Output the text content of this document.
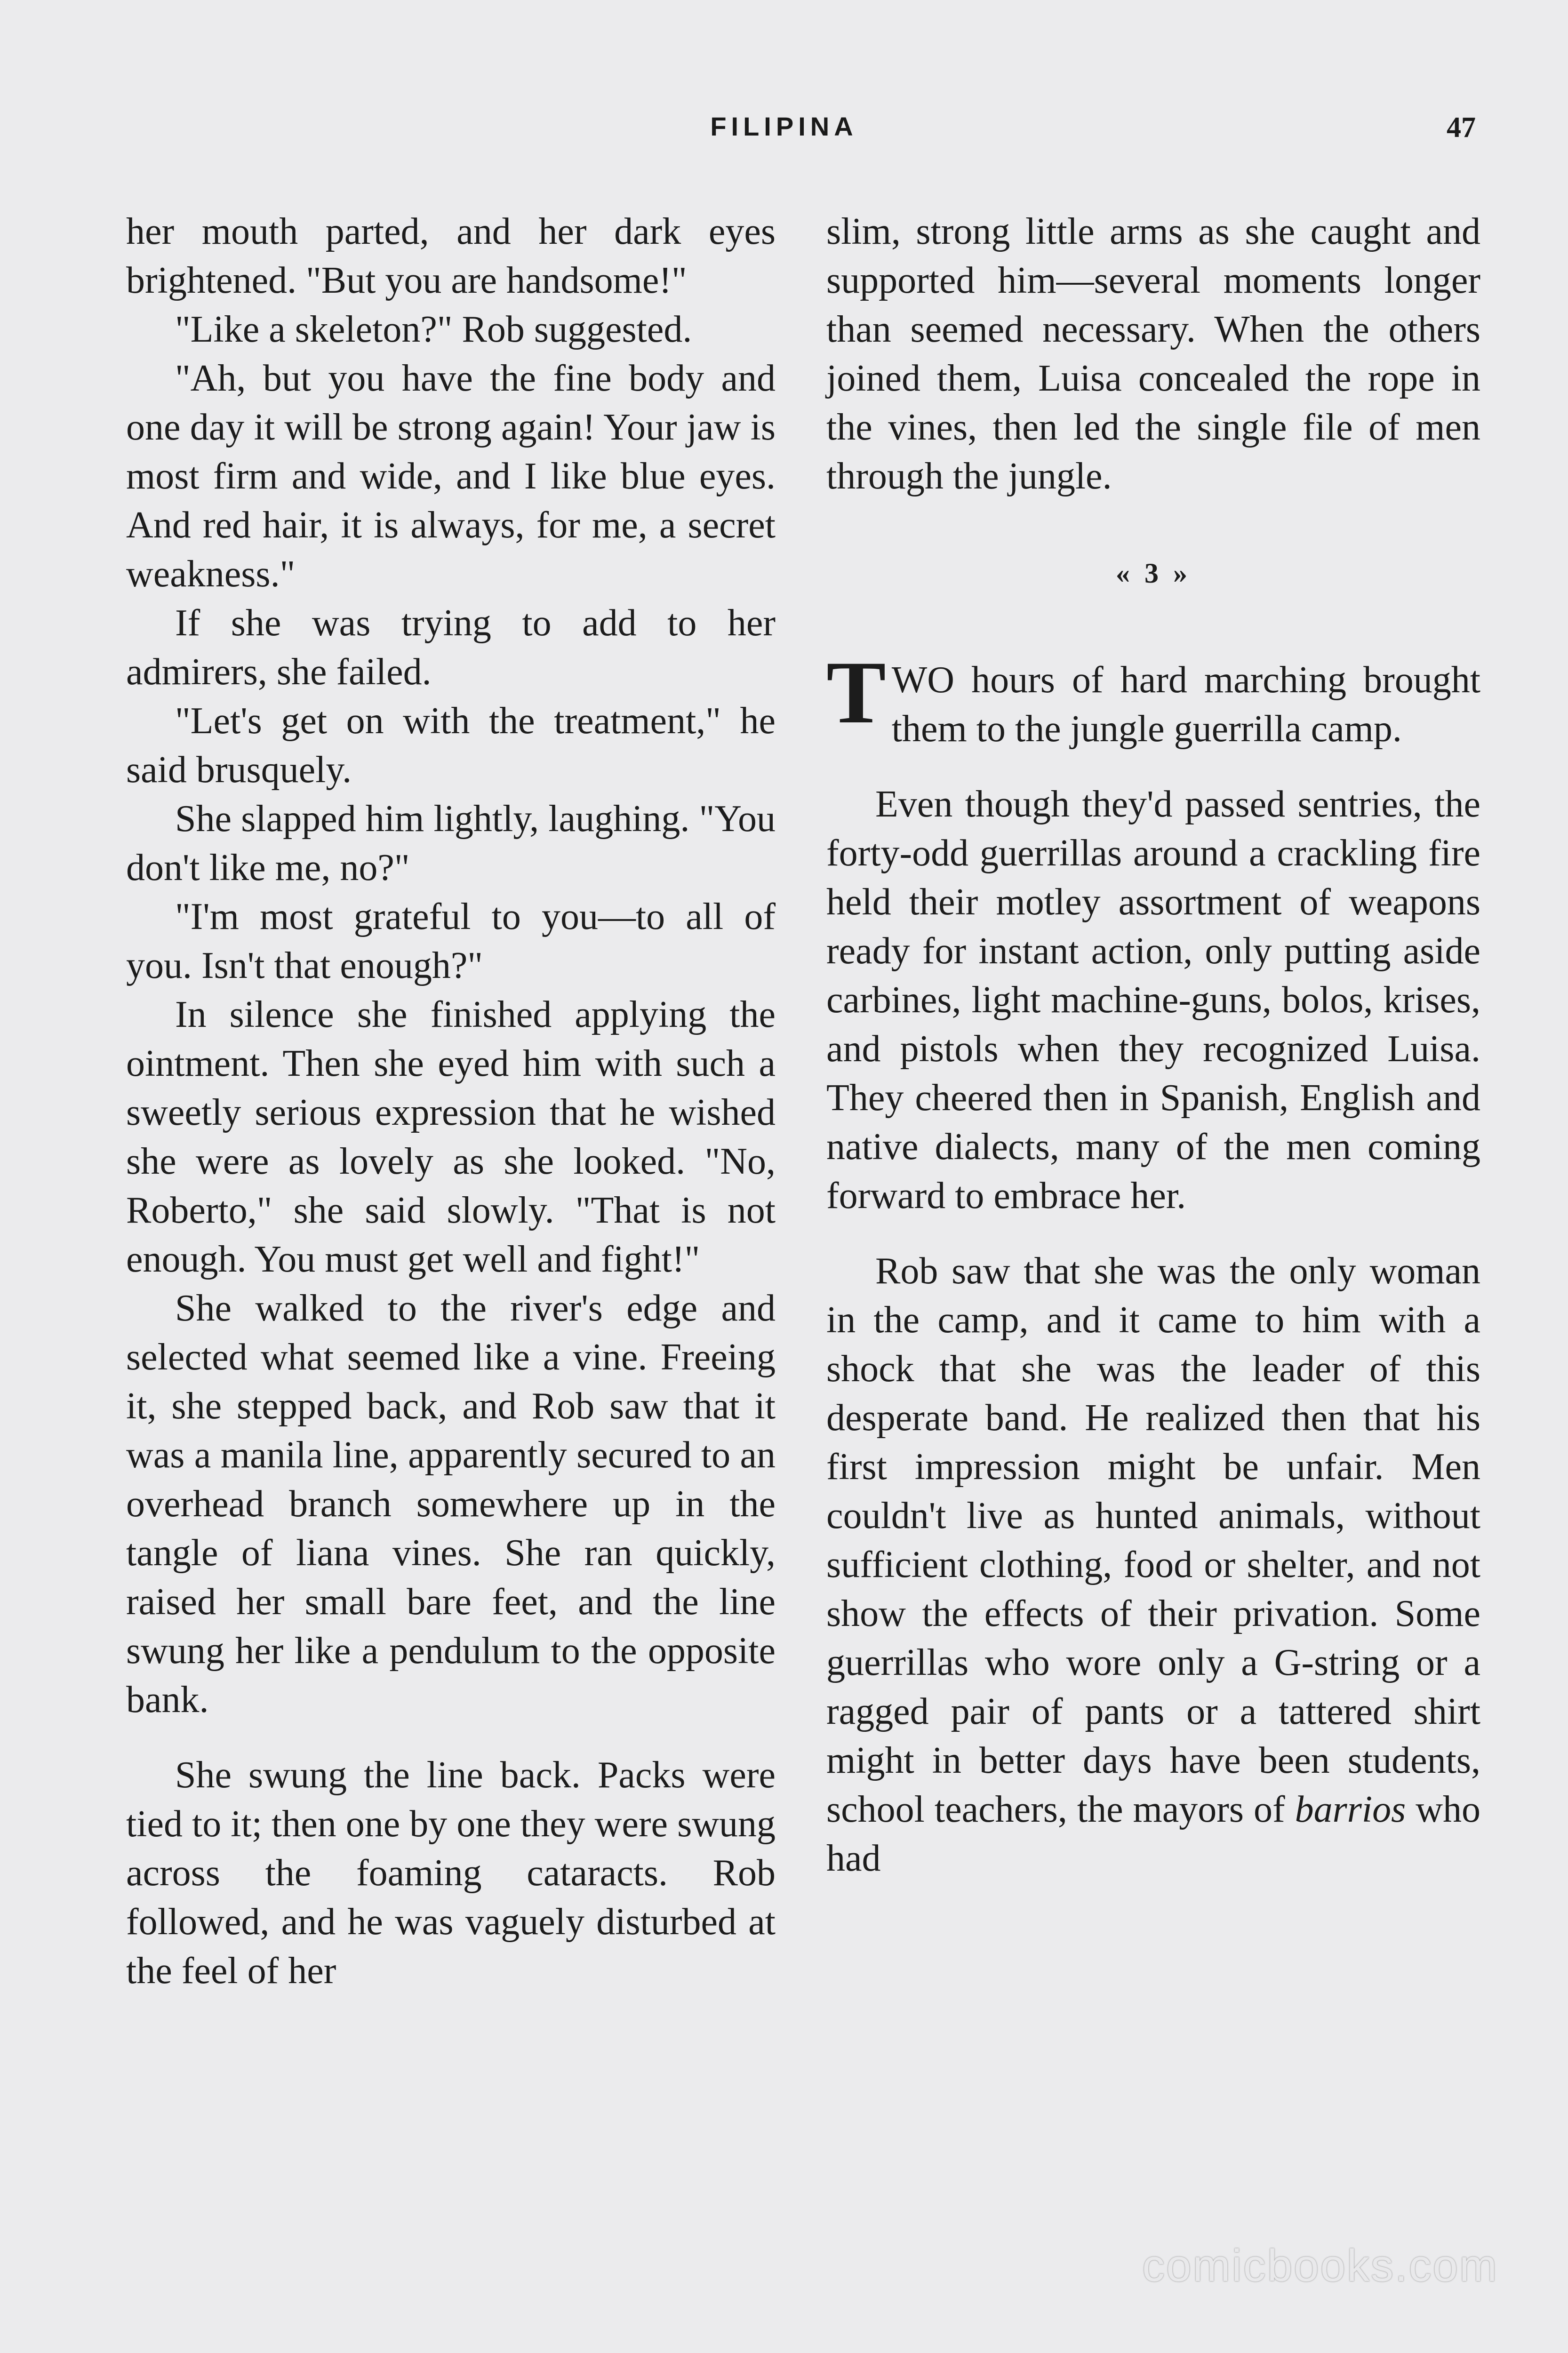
FILIPINA	47

her mouth parted, and her dark eyes brightened. "But you are handsome!"

"Like a skeleton?" Rob suggested.

"Ah, but you have the fine body and one day it will be strong again! Your jaw is most firm and wide, and I like blue eyes. And red hair, it is always, for me, a secret weakness."

If she was trying to add to her admirers, she failed.

"Let's get on with the treatment," he said brusquely.

She slapped him lightly, laughing. "You don't like me, no?"

"I'm most grateful to you—to all of you. Isn't that enough?"

In silence she finished applying the ointment. Then she eyed him with such a sweetly serious expression that he wished she were as lovely as she looked. "No, Roberto," she said slowly. "That is not enough. You must get well and fight!"

She walked to the river's edge and selected what seemed like a vine. Freeing it, she stepped back, and Rob saw that it was a manila line, apparently secured to an overhead branch somewhere up in the tangle of liana vines. She ran quickly, raised her small bare feet, and the line swung her like a pendulum to the opposite bank.

She swung the line back. Packs were tied to it; then one by one they were swung across the foaming cataracts. Rob followed, and he was vaguely disturbed at the feel of her

slim, strong little arms as she caught and supported him—several moments longer than seemed necessary. When the others joined them, Luisa concealed the rope in the vines, then led the single file of men through the jungle.

« 3 »

TWO hours of hard marching brought them to the jungle guerrilla camp.

Even though they'd passed sentries, the forty-odd guerrillas around a crackling fire held their motley assortment of weapons ready for instant action, only putting aside carbines, light machine-guns, bolos, krises, and pistols when they recognized Luisa. They cheered then in Spanish, English and native dialects, many of the men coming forward to embrace her.

Rob saw that she was the only woman in the camp, and it came to him with a shock that she was the leader of this desperate band. He realized then that his first impression might be unfair. Men couldn't live as hunted animals, without sufficient clothing, food or shelter, and not show the effects of their privation. Some guerrillas who wore only a G-string or a ragged pair of pants or a tattered shirt might in better days have been students, school teachers, the mayors of barrios who had

comicbooks.com
